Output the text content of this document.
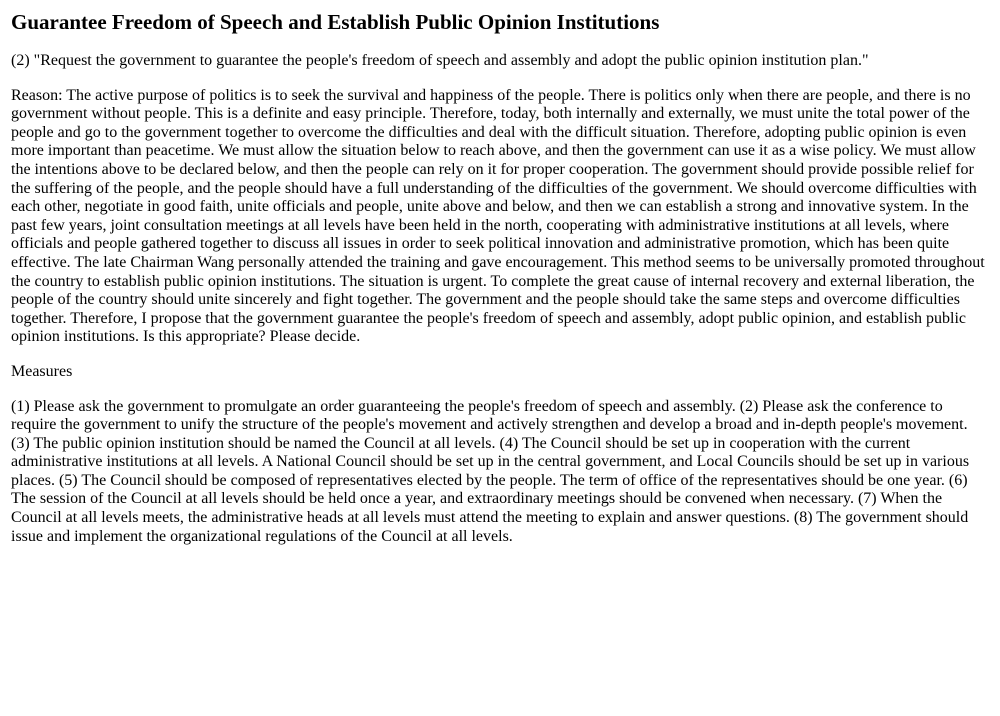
Guarantee Freedom of Speech and Establish Public Opinion Institutions

(2) "Request the government to guarantee the people's freedom of speech and assembly and adopt the public opinion institution plan."

Reason: The active purpose of politics is to seek the survival and happiness of the people. There is politics only when there are people, and there is no government without people. This is a definite and easy principle. Therefore, today, both internally and externally, we must unite the total power of the people and go to the government together to overcome the difficulties and deal with the difficult situation. Therefore, adopting public opinion is even more important than peacetime. We must allow the situation below to reach above, and then the government can use it as a wise policy. We must allow the intentions above to be declared below, and then the people can rely on it for proper cooperation. The government should provide possible relief for the suffering of the people, and the people should have a full understanding of the difficulties of the government. We should overcome difficulties with each other, negotiate in good faith, unite officials and people, unite above and below, and then we can establish a strong and innovative system. In the past few years, joint consultation meetings at all levels have been held in the north, cooperating with administrative institutions at all levels, where officials and people gathered together to discuss all issues in order to seek political innovation and administrative promotion, which has been quite effective. The late Chairman Wang personally attended the training and gave encouragement. This method seems to be universally promoted throughout the country to establish public opinion institutions. The situation is urgent. To complete the great cause of internal recovery and external liberation, the people of the country should unite sincerely and fight together. The government and the people should take the same steps and overcome difficulties together. Therefore, I propose that the government guarantee the people's freedom of speech and assembly, adopt public opinion, and establish public opinion institutions. Is this appropriate? Please decide.

Measures

(1) Please ask the government to promulgate an order guaranteeing the people's freedom of speech and assembly. (2) Please ask the conference to require the government to unify the structure of the people's movement and actively strengthen and develop a broad and in-depth people's movement. (3) The public opinion institution should be named the Council at all levels. (4) The Council should be set up in cooperation with the current administrative institutions at all levels. A National Council should be set up in the central government, and Local Councils should be set up in various places. (5) The Council should be composed of representatives elected by the people. The term of office of the representatives should be one year. (6) The session of the Council at all levels should be held once a year, and extraordinary meetings should be convened when necessary. (7) When the Council at all levels meets, the administrative heads at all levels must attend the meeting to explain and answer questions. (8) The government should issue and implement the organizational regulations of the Council at all levels.
